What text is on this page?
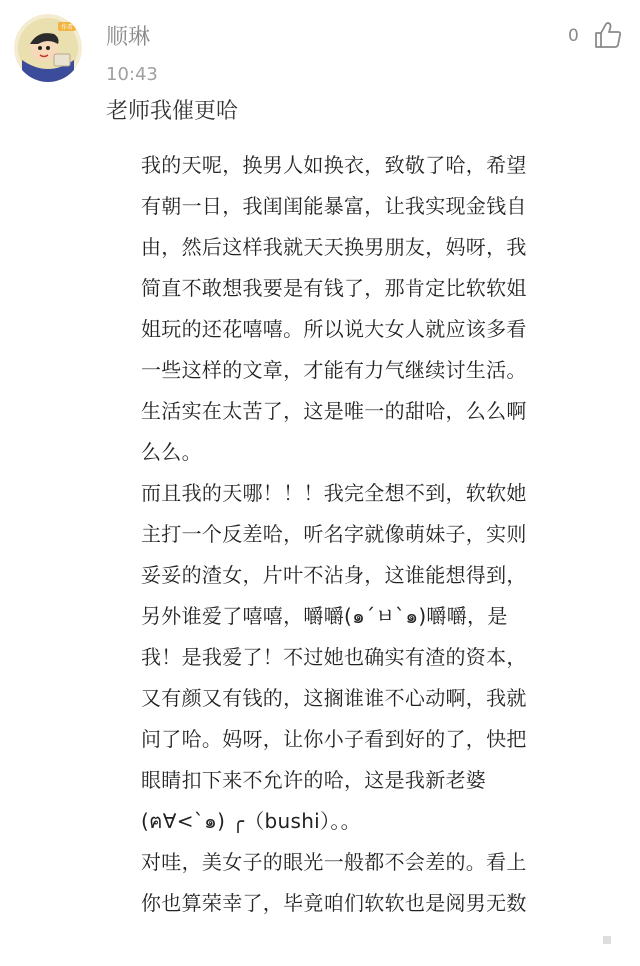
作者 顺琳	0
10:43
老师我催更哈
我的天呢，换男人如换衣，致敬了哈，希望
有朝一日，我闺闺能暴富，让我实现金钱自
由，然后这样我就天天换男朋友，妈呀，我
简直不敢想我要是有钱了，那肯定比软软姐
姐玩的还花嘻嘻。所以说大女人就应该多看
一些这样的文章，才能有力气继续讨生活。
生活实在太苦了，这是唯一的甜哈，么么啊
么么。
而且我的天哪！！！我完全想不到，软软她
主打一个反差哈，听名字就像萌妹子，实则
妥妥的渣女，片叶不沾身，这谁能想得到，
另外谁爱了嘻嘻，嚼嚼(๑´ㅂ`๑)嚼嚼，是
我！是我爱了！不过她也确实有渣的资本，
又有颜又有钱的，这搁谁谁不心动啊，我就
问了哈。妈呀，让你小子看到好的了，快把
眼睛扣下来不允许的哈，这是我新老婆
(ฅ∀<`๑) ╭（bushi）。。
对哇，美女子的眼光一般都不会差的。看上
你也算荣幸了，毕竟咱们软软也是阅男无数
